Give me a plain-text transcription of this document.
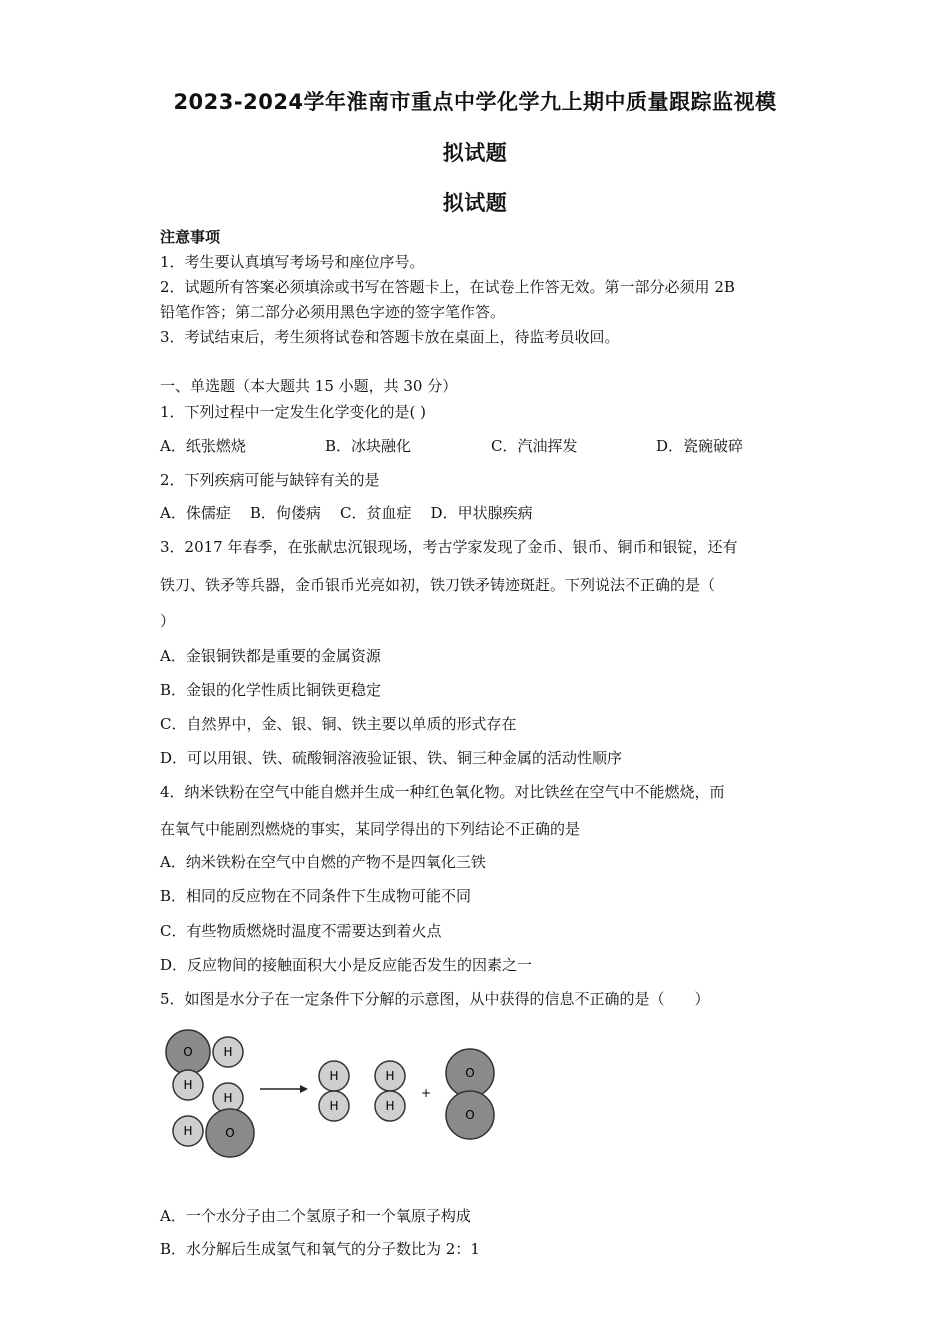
2023-2024学年淮南市重点中学化学九上期中质量跟踪监视模
拟试题
拟试题
注意事项
1．考生要认真填写考场号和座位序号。
2．试题所有答案必须填涂或书写在答题卡上，在试卷上作答无效。第一部分必须用 2B
铅笔作答；第二部分必须用黑色字迹的签字笔作答。
3．考试结束后，考生须将试卷和答题卡放在桌面上，待监考员收回。
一、单选题（本大题共 15 小题，共 30 分）
1．下列过程中一定发生化学变化的是( )
A．纸张燃烧	B．冰块融化	C．汽油挥发	D．瓷碗破碎
2．下列疾病可能与缺锌有关的是
A．侏儒症    B．佝偻病    C．贫血症    D．甲状腺疾病
3．2017 年春季，在张献忠沉银现场，考古学家发现了金币、银币、铜币和银锭，还有
铁刀、铁矛等兵器，金币银币光亮如初，铁刀铁矛铸迹斑赶。下列说法不正确的是（
）
A．金银铜铁都是重要的金属资源
B．金银的化学性质比铜铁更稳定
C．自然界中，金、银、铜、铁主要以单质的形式存在
D．可以用银、铁、硫酸铜溶液验证银、铁、铜三种金属的活动性顺序
4．纳米铁粉在空气中能自燃并生成一种红色氧化物。对比铁丝在空气中不能燃烧，而
在氧气中能剧烈燃烧的事实，某同学得出的下列结论不正确的是
A．纳米铁粉在空气中自燃的产物不是四氧化三铁
B．相同的反应物在不同条件下生成物可能不同
C．有些物质燃烧时温度不需要达到着火点
D．反应物间的接触面积大小是反应能否发生的因素之一
5．如图是水分子在一定条件下分解的示意图，从中获得的信息不正确的是（　　）
O	H
H
H
H	O
H
H
H
H
+
O
O
A．一个水分子由二个氢原子和一个氧原子构成
B．水分解后生成氢气和氧气的分子数比为 2：1
